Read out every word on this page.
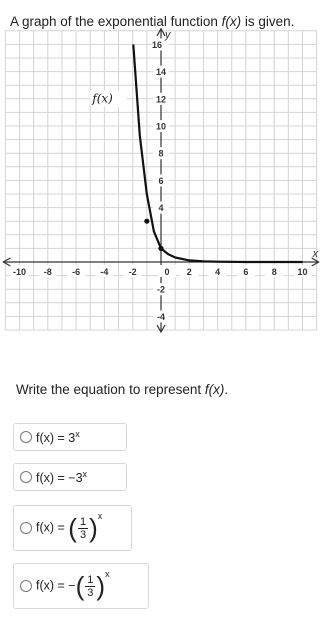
A graph of the exponential function f(x) is given.
-10 -8 -6 -4 -2	0 2	4	6	8 10
16
14
12
10
8
6
4
-2
-4
x
y
f(x)
Write the equation to represent f(x).
$f(x) = 3^x$
$f(x) = -3^x$
f(x) = ( $\frac{1}{3} )^x$
f(x) = −( $\frac{1}{3} )^x$
